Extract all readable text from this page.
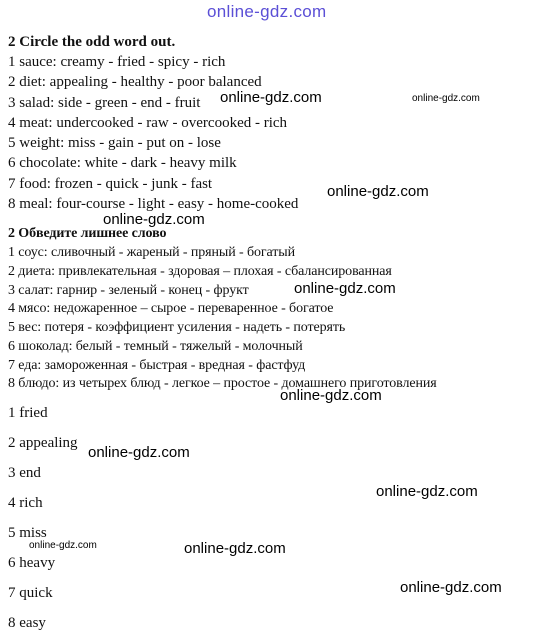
online-gdz.com
2 Circle the odd word out.
1 sauce: creamy - fried - spicy - rich
2 diet: appealing - healthy - poor balanced
3 salad: side - green - end - fruit
4 meat: undercooked - raw - overcooked - rich
5 weight: miss - gain - put on - lose
6 chocolate: white - dark - heavy milk
7 food: frozen - quick - junk - fast
8 meal: four-course - light - easy - home-cooked
2 Обведите лишнее слово
1 соус: сливочный - жареный - пряный - богатый
2 диета: привлекательная - здоровая – плохая - сбалансированная
3 салат: гарнир - зеленый - конец - фрукт
4 мясо: недожаренное – сырое - переваренное - богатое
5 вес: потеря - коэффициент усиления - надеть - потерять
6 шоколад: белый - темный - тяжелый - молочный
7 еда: замороженная - быстрая - вредная - фастфуд
8 блюдо: из четырех блюд - легкое – простое - домашнего приготовления
1 fried
2 appealing
3 end
4 rich
5 miss
6 heavy
7 quick
8 easy
online-gdz.com	online-gdz.com
online-gdz.com
online-gdz.com
online-gdz.com
online-gdz.com
online-gdz.com
online-gdz.com
online-gdz.com	online-gdz.com
online-gdz.com
